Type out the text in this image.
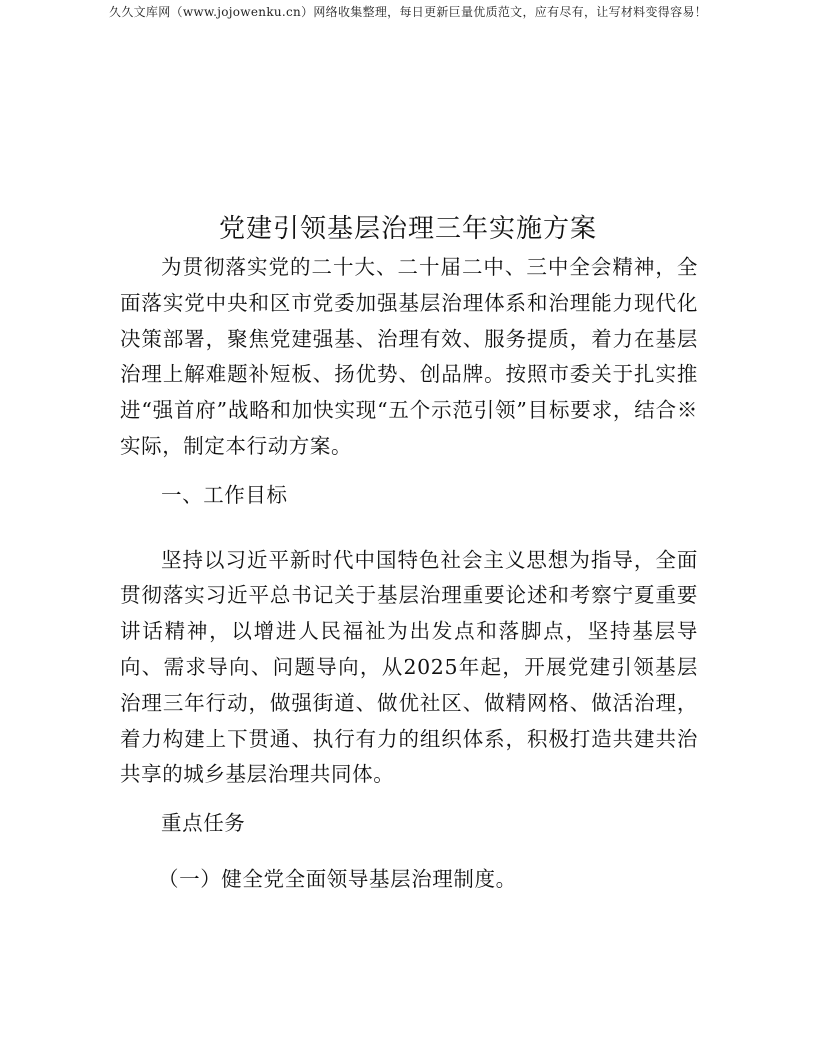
久久文库网（www.jojowenku.cn）网络收集整理，每日更新巨量优质范文，应有尽有，让写材料变得容易！
党建引领基层治理三年实施方案

为贯彻落实党的二十大、二十届二中、三中全会精神，全面落实党中央和区市党委加强基层治理体系和治理能力现代化决策部署，聚焦党建强基、治理有效、服务提质，着力在基层治理上解难题补短板、扬优势、创品牌。按照市委关于扎实推进“强首府”战略和加快实现“五个示范引领”目标要求，结合※实际，制定本行动方案。

一、工作目标

坚持以习近平新时代中国特色社会主义思想为指导，全面贯彻落实习近平总书记关于基层治理重要论述和考察宁夏重要讲话精神，以增进人民福祉为出发点和落脚点，坚持基层导向、需求导向、问题导向，从2025年起，开展党建引领基层治理三年行动，做强街道、做优社区、做精网格、做活治理，着力构建上下贯通、执行有力的组织体系，积极打造共建共治共享的城乡基层治理共同体。

重点任务

（一）健全党全面领导基层治理制度。
